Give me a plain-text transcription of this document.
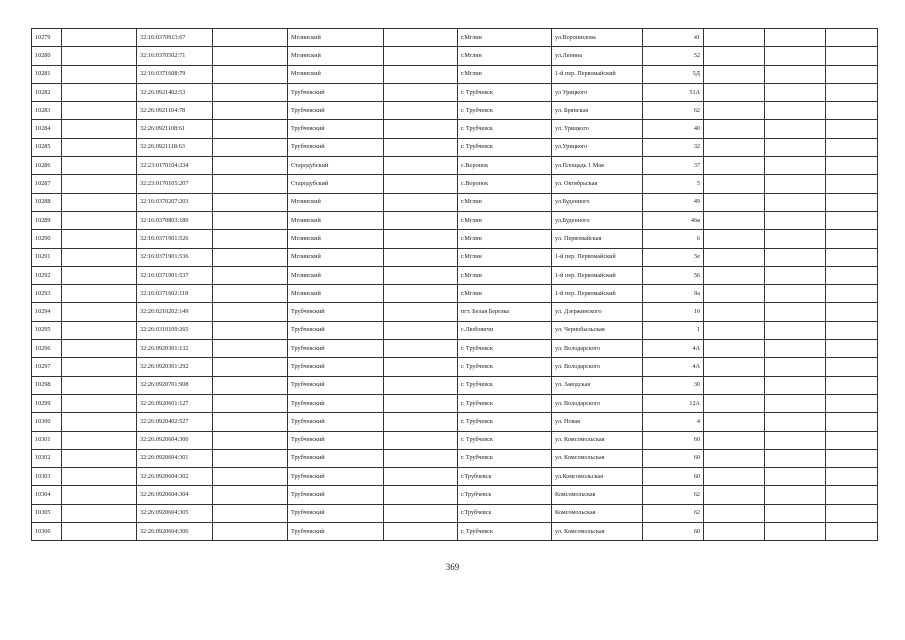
10279		32:16:0370913:67		Мглинский		г.Мглин	ул.Ворошилова	41			
10280		32:16:0370502:71		Мглинский		г.Мглин	ул.Ленина	52			
10281		32:16:0371608:79		Мглинский		г.Мглин	1-й пер. Первомайский	5Д			
10282		32:26:0921402:53		Трубчевский		г. Трубчевск	ул Урицкого	51А			
10283		32:26:0921104:78		Трубчевский		г. Трубчевск	ул. Брянская	62			
10284		32:26:0921108:61		Трубчевский		г. Трубчевск	ул. Урицкого	40			
10285		32:26:0921118:63		Трубчевский		г. Трубчевск	ул.Урицкого	32			
10286		32:23:0170104:234		Стародубский		с.Воронок	ул.Площадь 1 Мая	37			
10287		32:23:0170105:207		Стародубский		с.Воронок	ул. Октябрьская	5			
10288		32:16:0370207:203		Мглинский		г.Мглин	ул.Буденного	49			
10289		32:16:0370803:180		Мглинский		г.Мглин	ул.Буденного	46в			
10290		32:16:0371901:526		Мглинский		г.Мглин	ул. Первомайская	6			
10291		32:16:0371901:536		Мглинский		г.Мглин	1-й пер. Первомайский	5е			
10292		32:16:0371901:537		Мглинский		г.Мглин	1-й пер. Первомайский	56			
10293		32:16:0371602:118		Мглинский		г.Мглин	1-й пер. Первомайский	9а			
10294		32:26:0210202:149		Трубчевский		пгт. Белая Березка	ул. Дзержинского	10			
10295		32:26:0310109:265		Трубчевский		с.Любовичи	ул. Чернобыльская	1			
10296		32:26:0920301:132		Трубчевский		г. Трубчевск	ул. Володарского	4А			
10297		32:26:0920301:292		Трубчевский		г. Трубчевск	ул. Володарского	4А			
10298		32:26:0920701:908		Трубчевский		г. Трубчевск	ул. Заводская	30			
10299		32:26:0920601:127		Трубчевский		г. Трубчевск	ул. Володарского	12А			
10300		32:26:0920402:527		Трубчевский		г. Трубчевск	ул. Новая	4			
10301		32:26:0920604:300		Трубчевский		г. Трубчевск	ул. Комсомольская	60			
10302		32:26:0920604:301		Трубчевский		г. Трубчевск	ул. Комсомольская	60			
10303		32:26:0920604:302		Трубчевский		г.Трубчевск	ул.Комсомольская	60			
10304		32:26:0920604:304		Трубчевский		г.Трубчевск	Комсомольская	62			
10305		32:26:0920604:305		Трубчевский		г.Трубчевск	Комсомольская	62			
10306		32:26:0920604:306		Трубчевский		г. Трубчевск	ул. Комсомольская	60			
369
